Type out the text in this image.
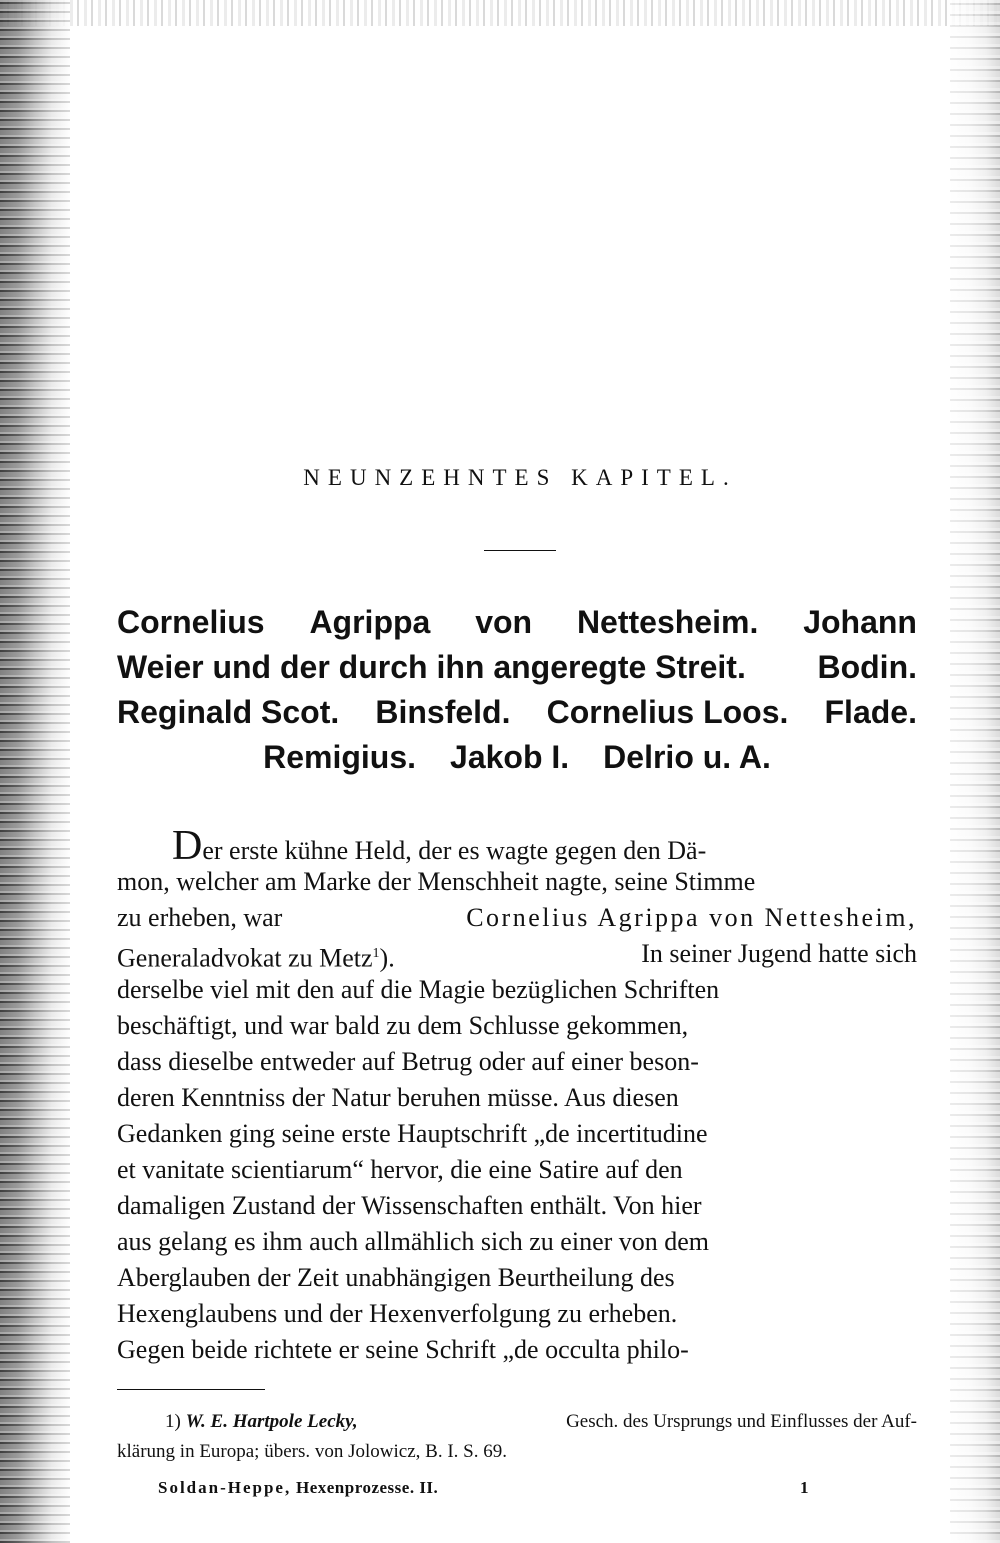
NEUNZEHNTES KAPITEL.
Cornelius Agrippa von Nettesheim. Johann
Weier und der durch ihn angeregte Streit. Bodin.
Reginald Scot. Binsfeld. Cornelius Loos. Flade.
Remigius. Jakob I. Delrio u. A.
Der erste kühne Held, der es wagte gegen den Dä-
mon, welcher am Marke der Menschheit nagte, seine Stimme
zu erheben, war	Cornelius Agrippa von Nettesheim,
Generaladvokat zu Metz$^1$).	In seiner Jugend hatte sich
derselbe viel mit den auf die Magie bezüglichen Schriften
beschäftigt, und war bald zu dem Schlusse gekommen,
dass dieselbe entweder auf Betrug oder auf einer beson-
deren Kenntniss der Natur beruhen müsse. Aus diesen
Gedanken ging seine erste Hauptschrift „de incertitudine
et vanitate scientiarum“ hervor, die eine Satire auf den
damaligen Zustand der Wissenschaften enthält. Von hier
aus gelang es ihm auch allmählich sich zu einer von dem
Aberglauben der Zeit unabhängigen Beurtheilung des
Hexenglaubens und der Hexenverfolgung zu erheben.
Gegen beide richtete er seine Schrift „de occulta philo-
1) W. E. Hartpole Lecky,	Gesch. des Ursprungs und Einflusses der Auf-
klärung in Europa; übers. von Jolowicz, B. I. S. 69.
Soldan-Heppe, Hexenprozesse. II.	1
